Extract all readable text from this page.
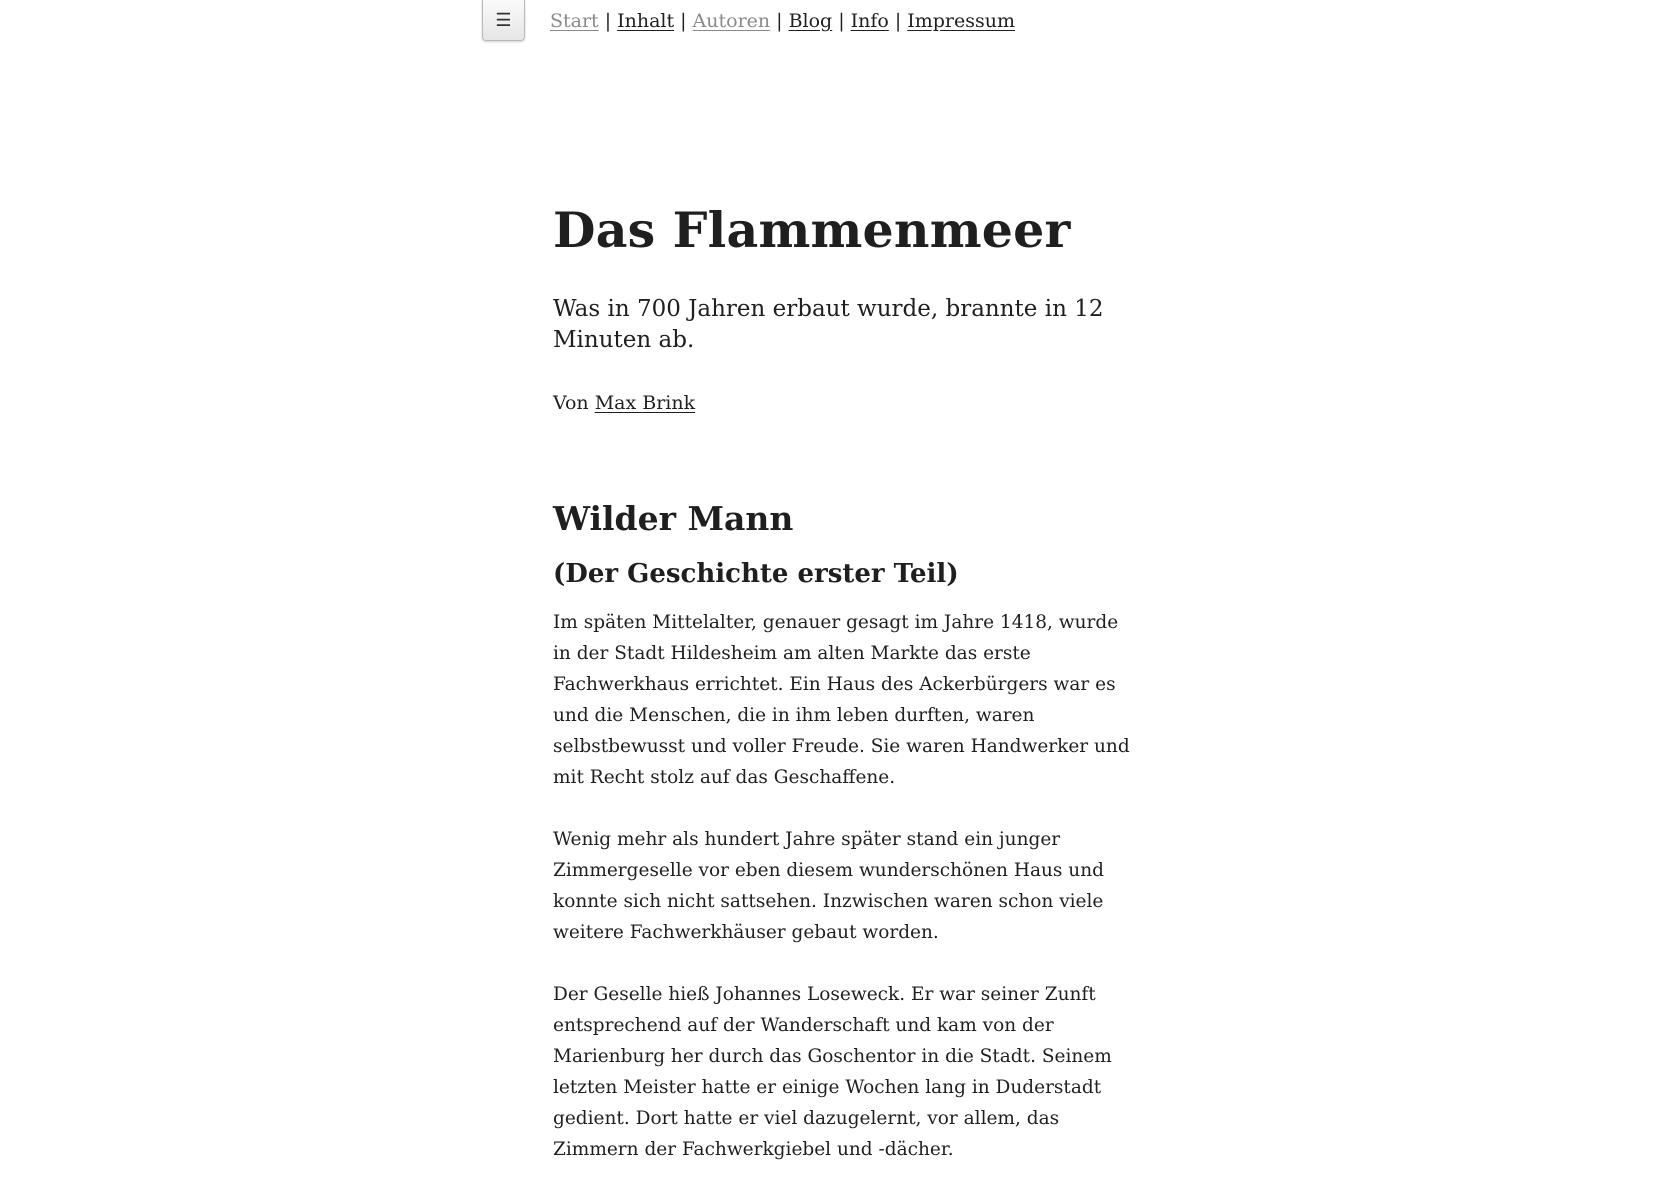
☰ Start | Inhalt | Autoren | Blog | Info | Impressum
Das Flammenmeer

Was in 700 Jahren erbaut wurde, brannte in 12 Minuten ab.

Von Max Brink

Wilder Mann
(Der Geschichte erster Teil)

Im späten Mittelalter, genauer gesagt im Jahre 1418, wurde in der Stadt Hildesheim am alten Markte das erste Fachwerkhaus errichtet. Ein Haus des Ackerbürgers war es und die Menschen, die in ihm leben durften, waren selbstbewusst und voller Freude. Sie waren Handwerker und mit Recht stolz auf das Geschaffene.

Wenig mehr als hundert Jahre später stand ein junger Zimmergeselle vor eben diesem wunderschönen Haus und konnte sich nicht sattsehen. Inzwischen waren schon viele weitere Fachwerkhäuser gebaut worden.

Der Geselle hieß Johannes Loseweck. Er war seiner Zunft entsprechend auf der Wanderschaft und kam von der Marienburg her durch das Goschentor in die Stadt. Seinem letzten Meister hatte er einige Wochen lang in Duderstadt gedient. Dort hatte er viel dazugelernt, vor allem, das Zimmern der Fachwerkgiebel und -dächer.
